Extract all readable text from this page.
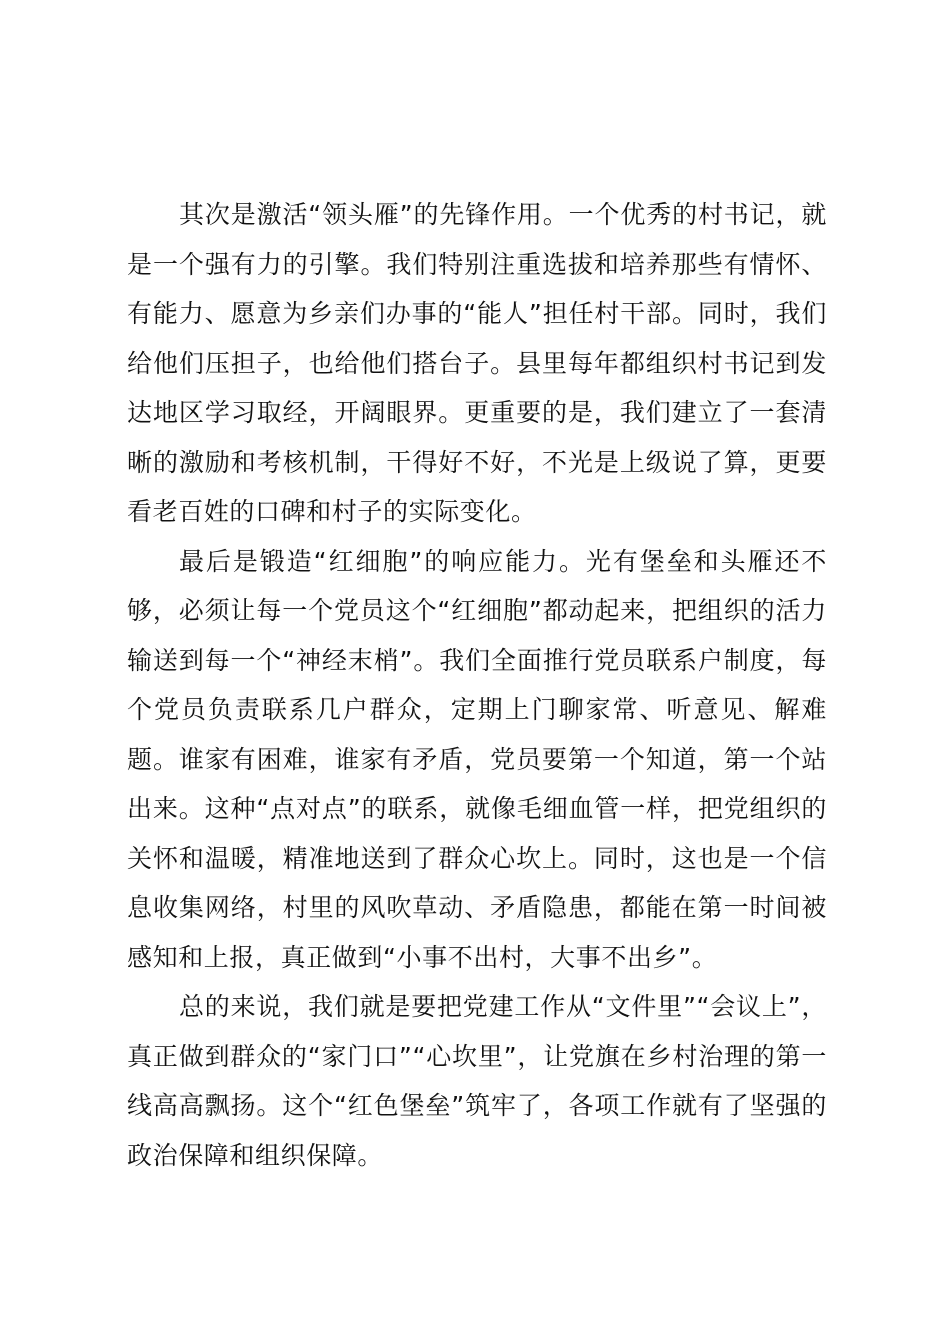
其次是激活“领头雁”的先锋作用。一个优秀的村书记，就是一个强有力的引擎。我们特别注重选拔和培养那些有情怀、有能力、愿意为乡亲们办事的“能人”担任村干部。同时，我们给他们压担子，也给他们搭台子。县里每年都组织村书记到发达地区学习取经，开阔眼界。更重要的是，我们建立了一套清晰的激励和考核机制，干得好不好，不光是上级说了算，更要看老百姓的口碑和村子的实际变化。

最后是锻造“红细胞”的响应能力。光有堡垒和头雁还不够，必须让每一个党员这个“红细胞”都动起来，把组织的活力输送到每一个“神经末梢”。我们全面推行党员联系户制度，每个党员负责联系几户群众，定期上门聊家常、听意见、解难题。谁家有困难，谁家有矛盾，党员要第一个知道，第一个站出来。这种“点对点”的联系，就像毛细血管一样，把党组织的关怀和温暖，精准地送到了群众心坎上。同时，这也是一个信息收集网络，村里的风吹草动、矛盾隐患，都能在第一时间被感知和上报，真正做到“小事不出村，大事不出乡”。

总的来说，我们就是要把党建工作从“文件里”“会议上”，真正做到群众的“家门口”“心坎里”，让党旗在乡村治理的第一线高高飘扬。这个“红色堡垒”筑牢了，各项工作就有了坚强的政治保障和组织保障。
